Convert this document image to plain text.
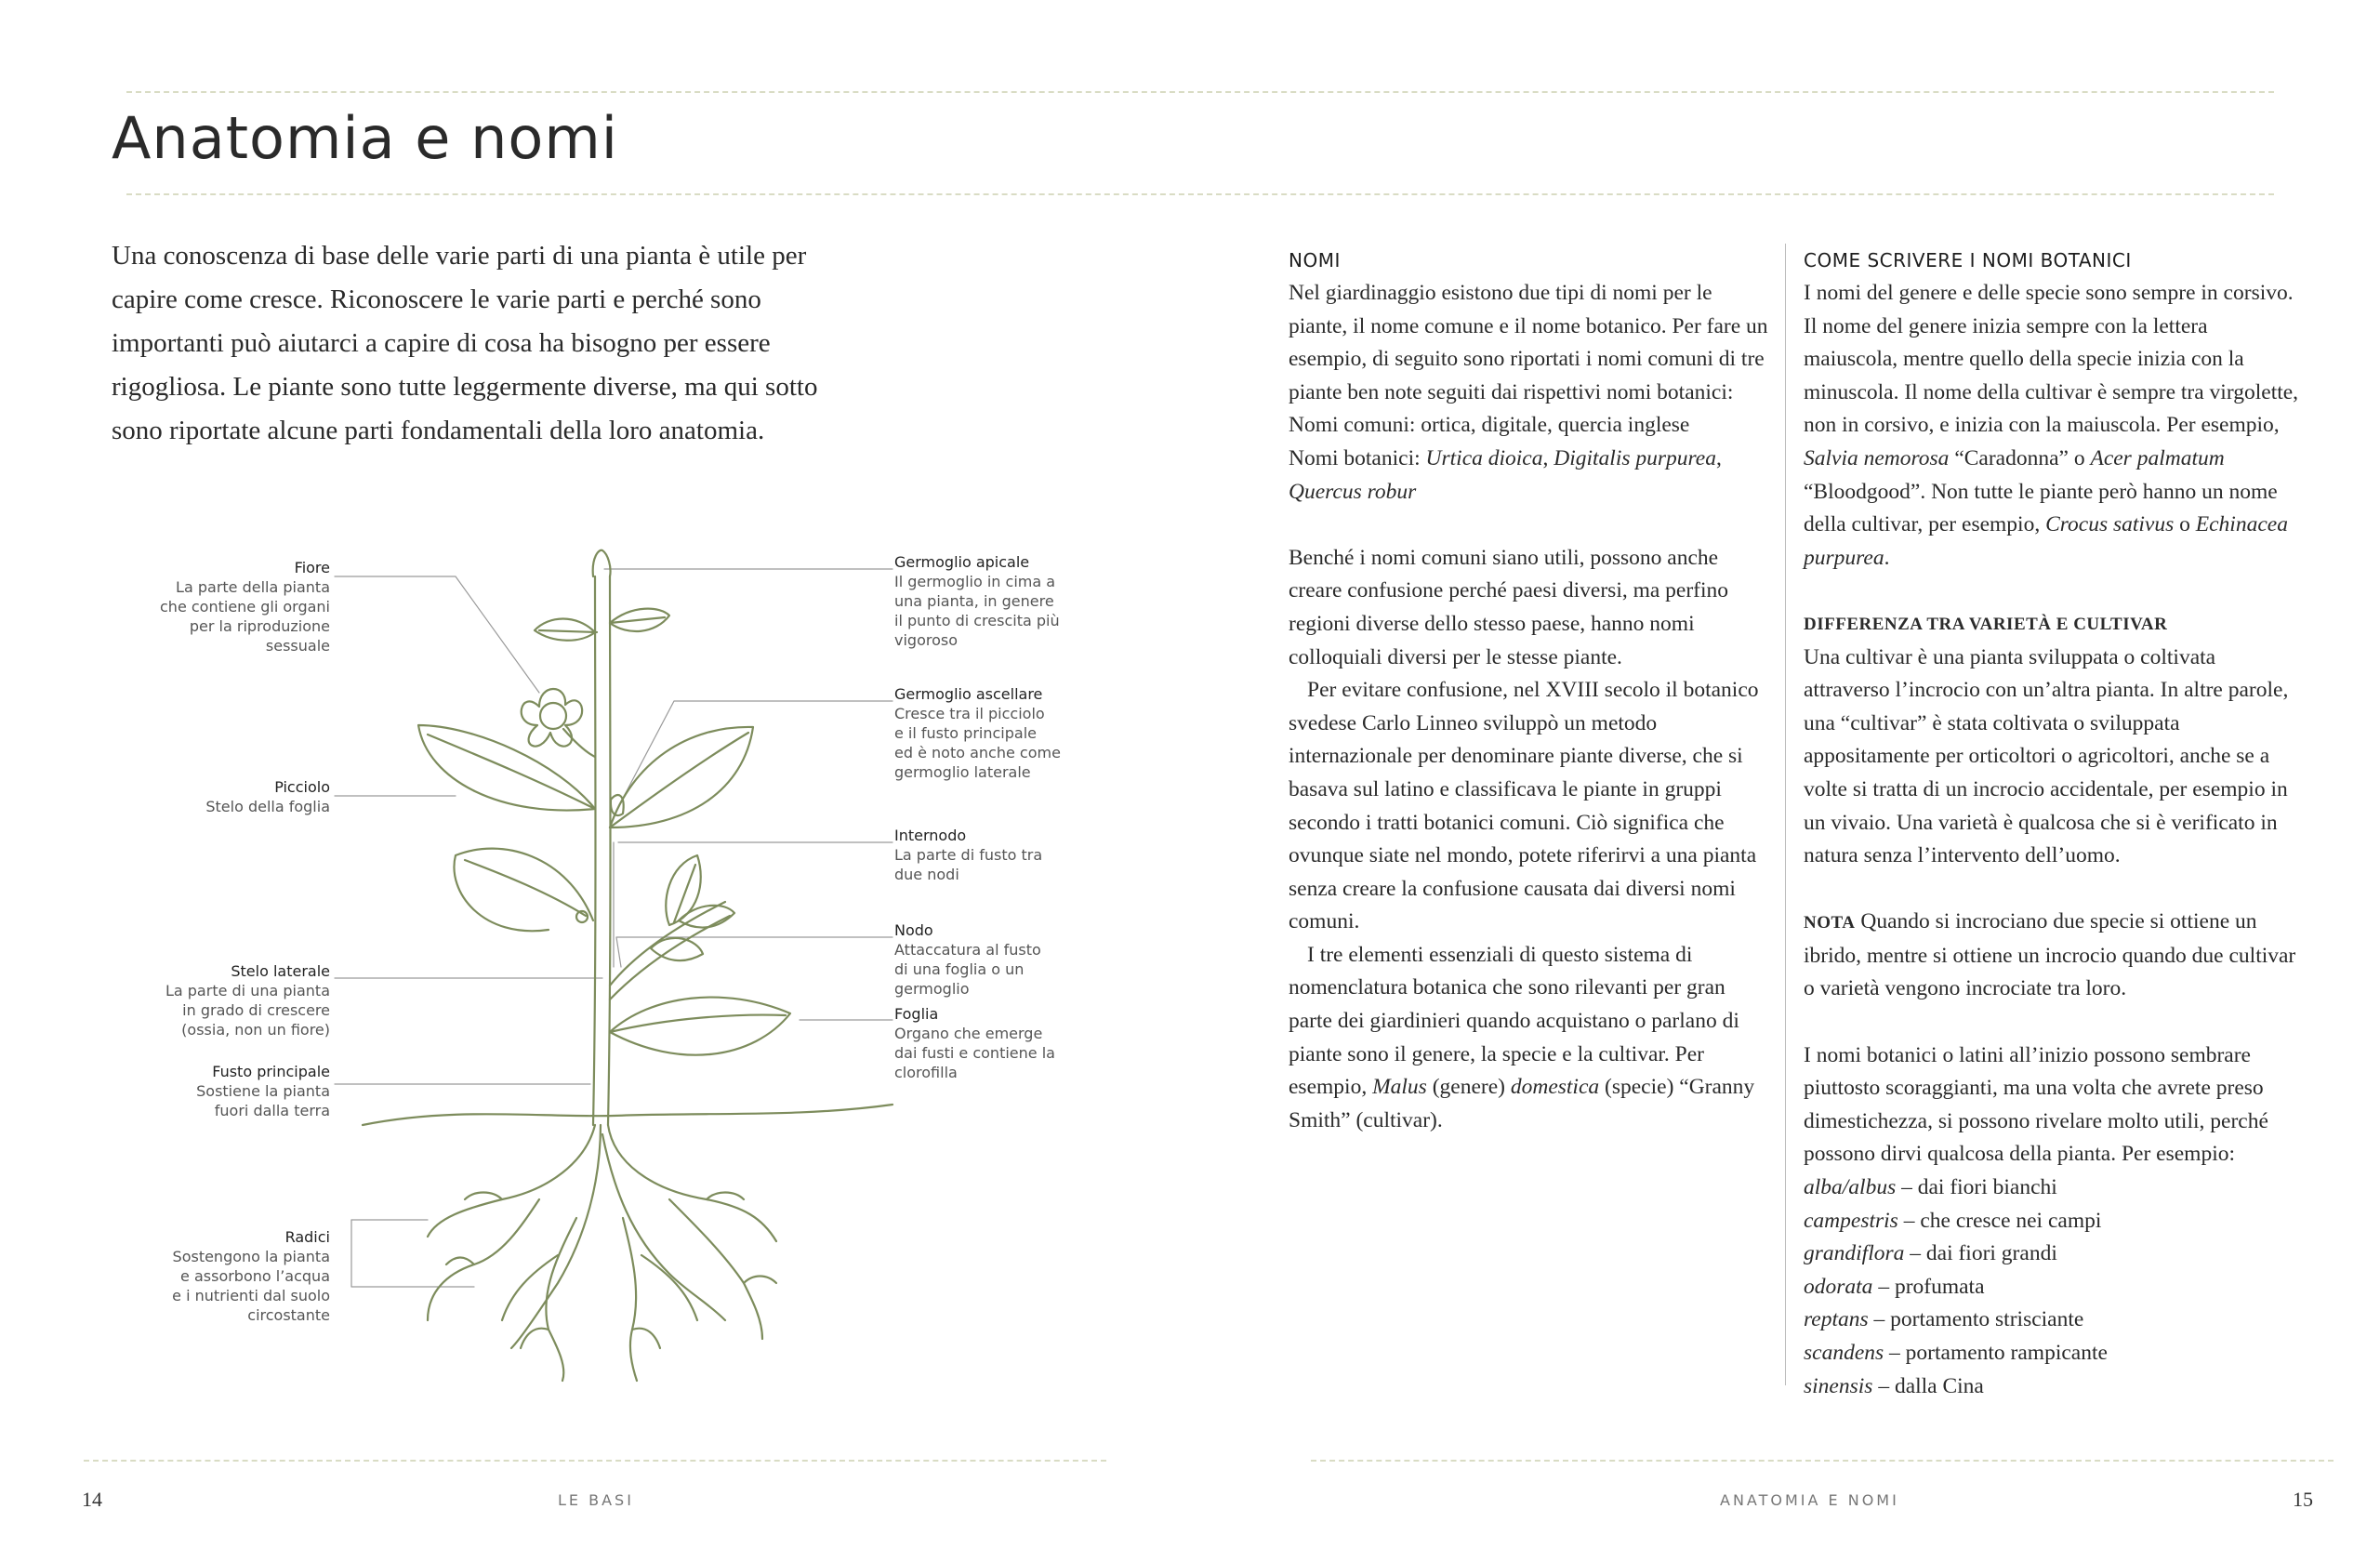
Anatomia e nomi

Una conoscenza di base delle varie parti di una pianta è utile per capire come cresce. Riconoscere le varie parti e perché sono importanti può aiutarci a capire di cosa ha bisogno per essere rigogliosa. Le piante sono tutte leggermente diverse, ma qui sotto sono riportate alcune parti fondamentali della loro anatomia.

Fiore
La parte della pianta
che contiene gli organi
per la riproduzione
sessuale
Picciolo
Stelo della foglia
Stelo laterale
La parte di una pianta
in grado di crescere
(ossia, non un fiore)
Fusto principale
Sostiene la pianta
fuori dalla terra
Radici
Sostengono la pianta
e assorbono l’acqua
e i nutrienti dal suolo
circostante
Germoglio apicale
Il germoglio in cima a
una pianta, in genere
il punto di crescita più
vigoroso
Germoglio ascellare
Cresce tra il picciolo
e il fusto principale
ed è noto anche come
germoglio laterale
Internodo
La parte di fusto tra
due nodi
Nodo
Attaccatura al fusto
di una foglia o un
germoglio
Foglia
Organo che emerge
dai fusti e contiene la
clorofilla
NOMI

Nel giardinaggio esistono due tipi di nomi per le piante, il nome comune e il nome botanico. Per fare un esempio, di seguito sono riportati i nomi comuni di tre piante ben note seguiti dai rispettivi nomi botanici:

Nomi comuni: ortica, digitale, quercia inglese

Nomi botanici: Urtica dioica, Digitalis purpurea, Quercus robur

Benché i nomi comuni siano utili, possono anche creare confusione perché paesi diversi, ma perfino regioni diverse dello stesso paese, hanno nomi colloquiali diversi per le stesse piante.

Per evitare confusione, nel XVIII secolo il botanico svedese Carlo Linneo sviluppò un metodo internazionale per denominare piante diverse, che si basava sul latino e classificava le piante in gruppi secondo i tratti botanici comuni. Ciò significa che ovunque siate nel mondo, potete riferirvi a una pianta senza creare la confusione causata dai diversi nomi comuni.

I tre elementi essenziali di questo sistema di nomenclatura botanica che sono rilevanti per gran parte dei giardinieri quando acquistano o parlano di piante sono il genere, la specie e la cultivar. Per esempio, Malus (genere) domestica (specie) “Granny Smith” (cultivar).

COME SCRIVERE I NOMI BOTANICI

I nomi del genere e delle specie sono sempre in corsivo. Il nome del genere inizia sempre con la lettera maiuscola, mentre quello della specie inizia con la minuscola. Il nome della cultivar è sempre tra virgolette, non in corsivo, e inizia con la maiuscola. Per esempio, Salvia nemorosa “Caradonna” o Acer palmatum “Bloodgood”. Non tutte le piante però hanno un nome della cultivar, per esempio, Crocus sativus o Echinacea purpurea.

DIFFERENZA TRA VARIETÀ E CULTIVAR

Una cultivar è una pianta sviluppata o coltivata attraverso l’incrocio con un’altra pianta. In altre parole, una “cultivar” è stata coltivata o sviluppata appositamente per orticoltori o agricoltori, anche se a volte si tratta di un incrocio accidentale, per esempio in un vivaio. Una varietà è qualcosa che si è verificato in natura senza l’intervento dell’uomo.

NOTA Quando si incrociano due specie si ottiene un ibrido, mentre si ottiene un incrocio quando due cultivar o varietà vengono incrociate tra loro.

I nomi botanici o latini all’inizio possono sembrare piuttosto scoraggianti, ma una volta che avrete preso dimestichezza, si possono rivelare molto utili, perché possono dirvi qualcosa della pianta. Per esempio:

alba/albus – dai fiori bianchi

campestris – che cresce nei campi

grandiflora – dai fiori grandi

odorata – profumata

reptans – portamento strisciante

scandens – portamento rampicante

sinensis – dalla Cina

14	LE BASI	ANATOMIA E NOMI	15
